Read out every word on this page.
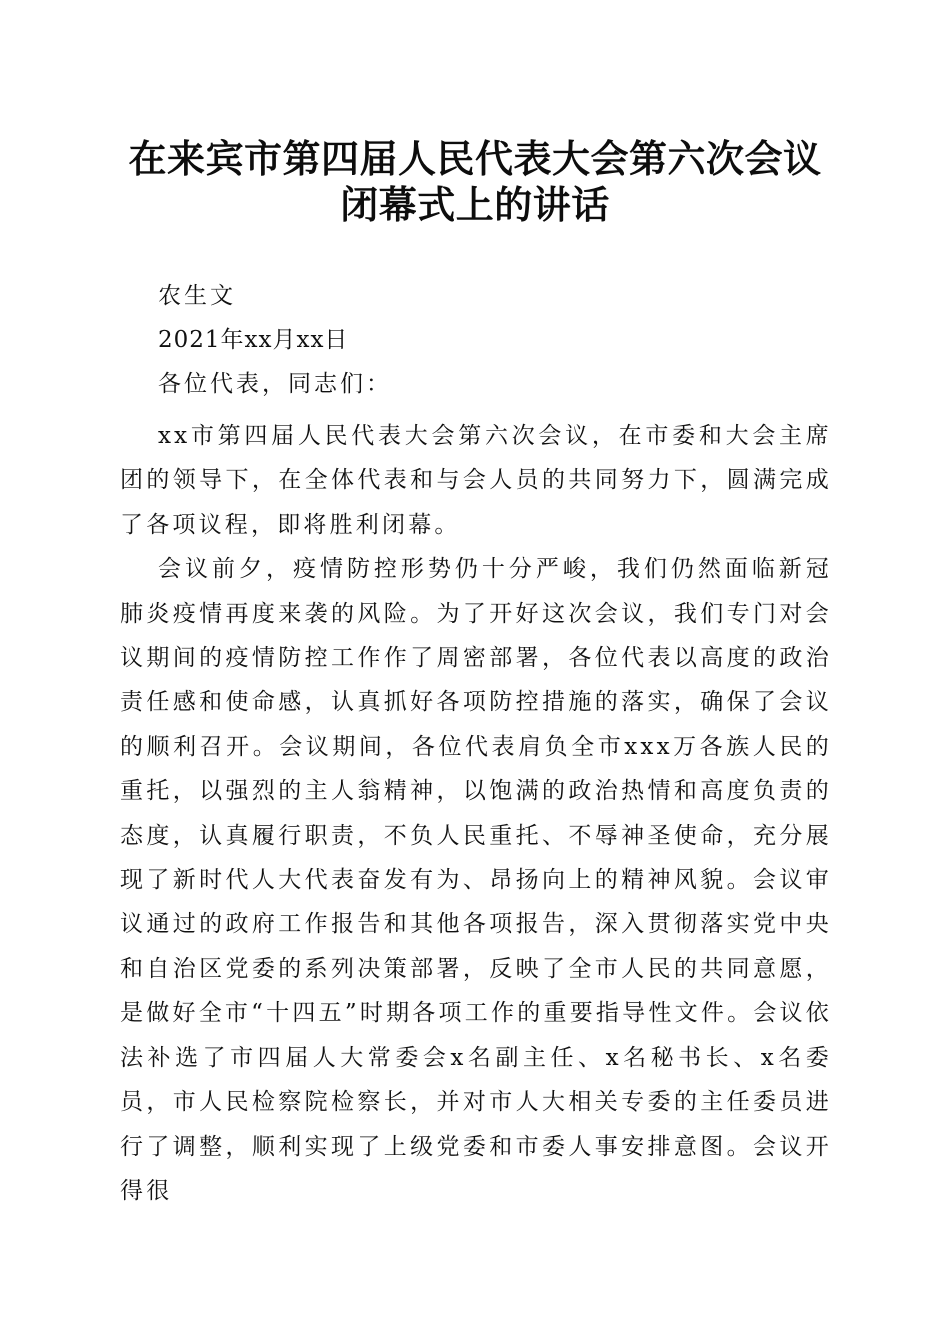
在来宾市第四届人民代表大会第六次会议闭幕式上的讲话

农生文

2021年xx月xx日

各位代表，同志们：

xx市第四届人民代表大会第六次会议，在市委和大会主席团的领导下，在全体代表和与会人员的共同努力下，圆满完成了各项议程，即将胜利闭幕。

会议前夕，疫情防控形势仍十分严峻，我们仍然面临新冠肺炎疫情再度来袭的风险。为了开好这次会议，我们专门对会议期间的疫情防控工作作了周密部署，各位代表以高度的政治责任感和使命感，认真抓好各项防控措施的落实，确保了会议的顺利召开。会议期间，各位代表肩负全市xxx万各族人民的重托，以强烈的主人翁精神，以饱满的政治热情和高度负责的态度，认真履行职责，不负人民重托、不辱神圣使命，充分展现了新时代人大代表奋发有为、昂扬向上的精神风貌。会议审议通过的政府工作报告和其他各项报告，深入贯彻落实党中央和自治区党委的系列决策部署，反映了全市人民的共同意愿，是做好全市“十四五”时期各项工作的重要指导性文件。会议依法补选了市四届人大常委会x名副主任、x名秘书长、x名委员，市人民检察院检察长，并对市人大相关专委的主任委员进行了调整，顺利实现了上级党委和市委人事安排意图。会议开得很
